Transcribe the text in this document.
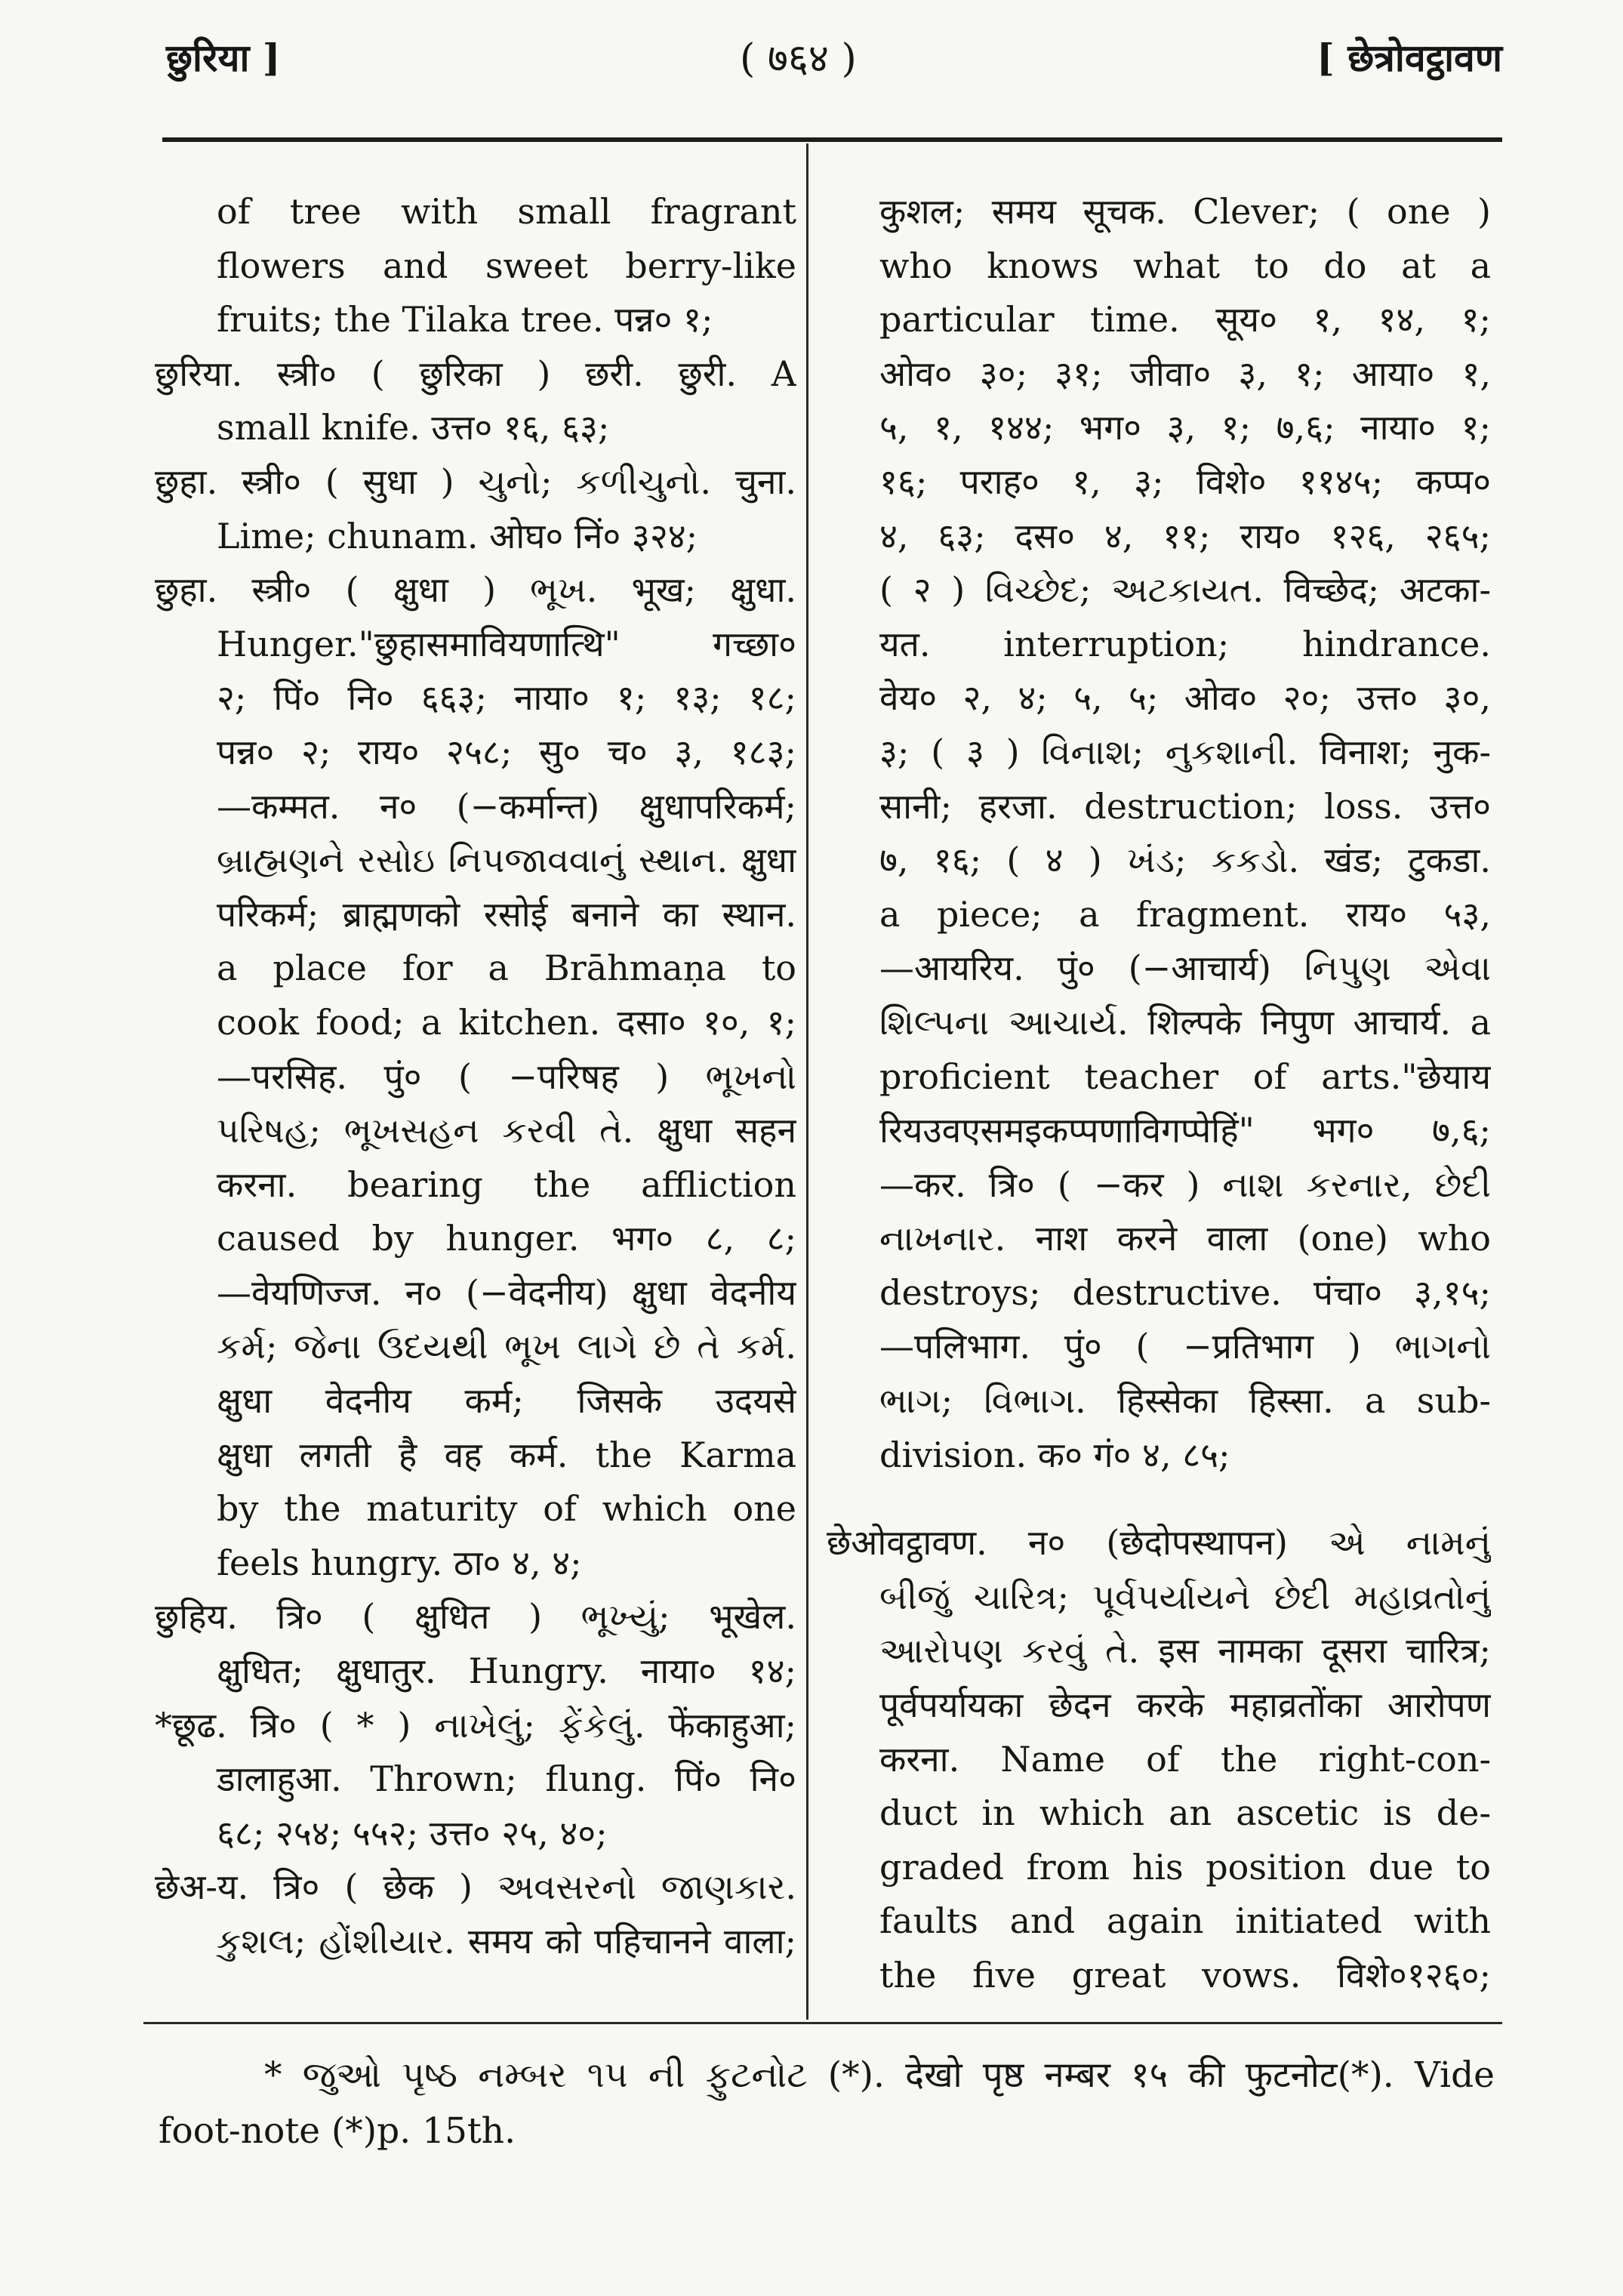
छुरिया ]	( ७६४ )	[ छेत्रोवट्ठावण
of tree with small fragrant
flowers and sweet berry-like
fruits; the Tilaka tree. पन्न० १;
छुरिया. स्त्री० ( छुरिका ) छरी. छुरी. A
small knife. उत्त० १६, ६३;
छुहा. स्त्री० ( सुधा ) ચુનો; કળીચુનો. चुना.
Lime; chunam. ओघ० निं० ३२४;
छुहा. स्त्री० ( क्षुधा ) ભૂખ. भूख; क्षुधा.
Hunger."छुहासमावियणात्थि" गच्छा०
२; पिं० नि० ६६३; नाया० १; १३; १८;
पन्न० २; राय० २५८; सु० च० ३, १८३;
—कम्मत. न० (−कर्मान्त) क्षुधापरिकर्म;
બ્રાહ્મણને રસોઇ નિપજાવવાનું સ્થાન. क्षुधा
परिकर्म; ब्राह्मणको रसोई बनाने का स्थान.
a place for a Brāhmaṇa to
cook food; a kitchen. दसा० १०, १;
—परसिह. पुं० ( −परिषह ) ભૂખનો
પરિષહ; ભૂખસહન કરવી તે. क्षुधा सहन
करना. bearing the affliction
caused by hunger. भग० ८, ८;
—वेयणिज्ज. न० (−वेदनीय) क्षुधा वेदनीय
કર્મ; જેના ઉદયથી ભૂખ લાગે છે તે કર્મ.
क्षुधा वेदनीय कर्म; जिसके उदयसे
क्षुधा लगती है वह कर्म. the Karma
by the maturity of which one
feels hungry. ठा० ४, ४;
छुहिय. त्रि० ( क्षुधित ) ભૂખ્યું; भूखेल.
क्षुधित; क्षुधातुर. Hungry. नाया० १४;
*छूढ. त्रि० ( * ) નાખેલું; ફેંકેલું. फेंकाहुआ;
डालाहुआ. Thrown; flung. पिं० नि०
६८; २५४; ५५२; उत्त० २५, ४०;
छेअ-य. त्रि० ( छेक ) અવસરનો જાણકાર.
કુશલ; હોંશીયાર. समय को पहिचानने वाला;
कुशल; समय सूचक. Clever; ( one )
who knows what to do at a
particular time. सूय० १, १४, १;
ओव० ३०; ३१; जीवा० ३, १; आया० १,
५, १, १४४; भग० ३, १; ७,६; नाया० १;
१६; पराह० १, ३; विशे० ११४५; कप्प०
४, ६३; दस० ४, ११; राय० १२६, २६५;
( २ ) વિચ્છેદ; અટકાયત. विच्छेद; अटका-
यत. interruption; hindrance.
वेय० २, ४; ५, ५; ओव० २०; उत्त० ३०,
३; ( ३ ) વિનાશ; નુકશાની. विनाश; नुक-
सानी; हरजा. destruction; loss. उत्त०
७, १६; ( ४ ) ખંડ; કકડો. खंड; टुकडा.
a piece; a fragment. राय० ५३,
—आयरिय. पुं० (−आचार्य) નિપુણ એવા
શિલ્પના આચાર્ય. शिल्पके निपुण आचार्य. a
proficient teacher of arts."छेयाय
रियउवएसमइकप्पणाविगप्पेहिं" भग० ७,६;
—कर. त्रि० ( −कर ) નાશ કરનાર, છેદી
નાખનાર. नाश करने वाला (one) who
destroys; destructive. पंचा० ३,१५;
—पलिभाग. पुं० ( −प्रतिभाग ) ભાગનો
ભાગ; વિભાગ. हिस्सेका हिस्सा. a sub-
division. क० गं० ४, ८५;
छेओवट्ठावण. न० (छेदोपस्थापन) એ નામનું
બીજું ચારિત્ર; પૂર્વપર્યાયને છેદી મહાવ્રતોનું
આરોપણ કરવું તે. इस नामका दूसरा चारित्र;
पूर्वपर्यायका छेदन करके महाव्रतोंका आरोपण
करना. Name of the right-con-
duct in which an ascetic is de-
graded from his position due to
faults and again initiated with
the five great vows. विशे०१२६०;
* જુઓ પૃષ્ઠ નમ્બર ૧૫ ની ફુટનોટ (*). देखो पृष्ठ नम्बर १५ की फुटनोट(*). Vide
foot-note (*)p. 15th.
